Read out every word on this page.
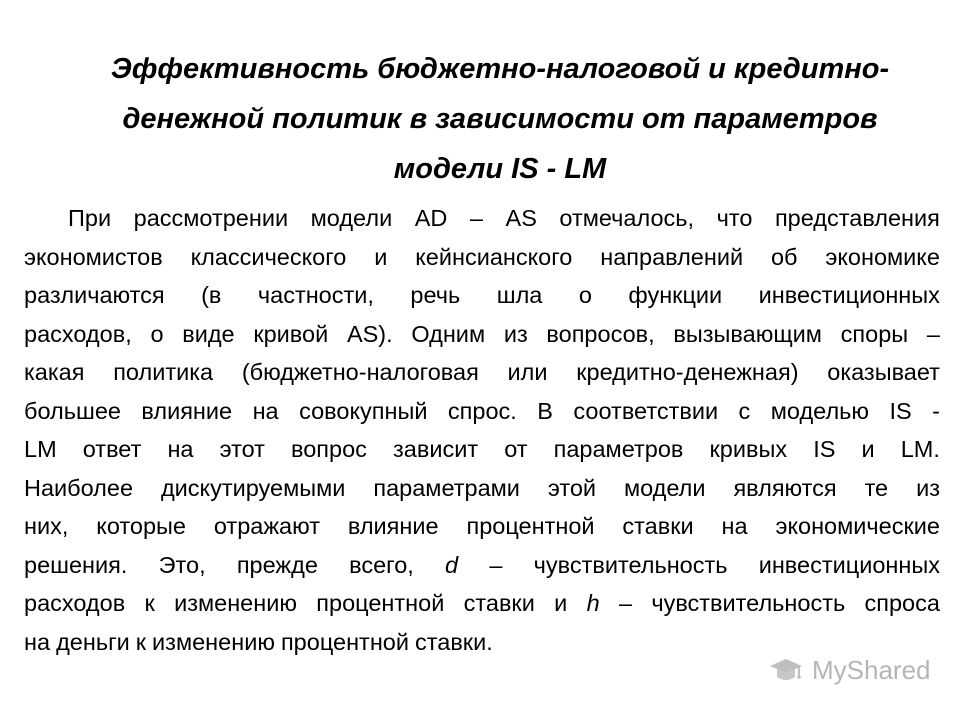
Эффективность бюджетно-налоговой и кредитно-
денежной политик в зависимости от параметров
модели IS - LM
При рассмотрении модели AD – AS отмечалось, что представления
экономистов классического и кейнсианского направлений об экономике
различаются (в частности, речь шла о функции инвестиционных
расходов, о виде кривой AS). Одним из вопросов, вызывающим споры –
какая политика (бюджетно-налоговая или кредитно-денежная) оказывает
большее влияние на совокупный спрос. В соответствии с моделью IS -
LM ответ на этот вопрос зависит от параметров кривых IS и LM.
Наиболее дискутируемыми параметрами этой модели являются те из
них, которые отражают влияние процентной ставки на экономические
решения. Это, прежде всего, d – чувствительность инвестиционных
расходов к изменению процентной ставки и h – чувствительность спроса
на деньги к изменению процентной ставки.
MyShared
